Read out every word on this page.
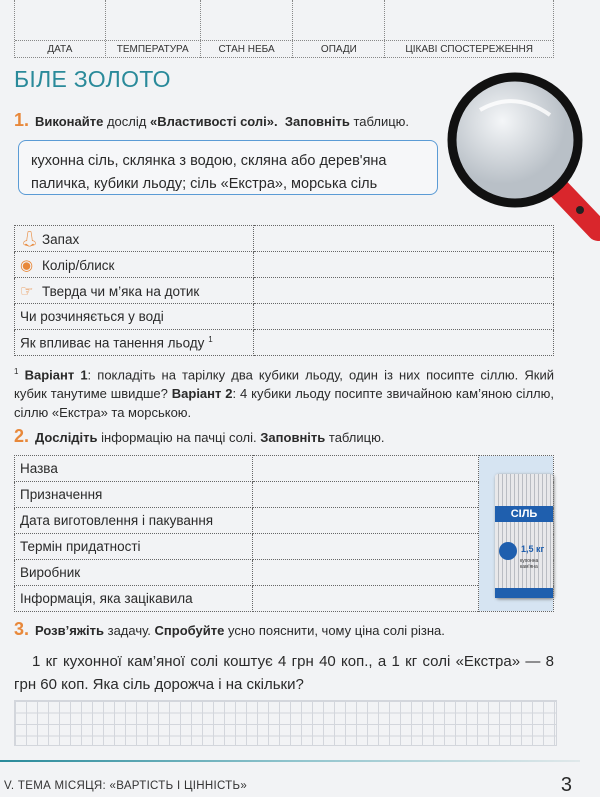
ДАТА	ТЕМПЕРАТУРА	СТАН НЕБА	ОПАДИ	ЦІКАВІ СПОСТЕРЕЖЕННЯ
БІЛЕ ЗОЛОТО
1. Виконайте дослід «Властивості солі». Заповніть таблицю.
кухонна сіль, склянка з водою, скляна або дерев'яна паличка, кубики льоду; сіль «Екстра», морська сіль
👃︎ Запах	
◉ Колір/блиск	
☞ Тверда чи м’яка на дотик	
Чи розчиняється у воді	
Як впливає на танення льоду $^1$	
$^1$ Варіант 1: покладіть на тарілку два кубики льоду, один із них посипте сіллю. Який кубик танутиме швидше? Варіант 2: 4 кубики льоду посипте звичайною кам’яною сіллю, сіллю «Екстра» та морською.
2. Дослідіть інформацію на пачці солі. Заповніть таблицю.
Назва		СІЛЬ
1,5 кг
кухонна кам'яна

Призначення		
Дата виготовлення і пакування		
Термін придатності		
Виробник		
Інформація, яка зацікавила		
3. Розв’яжіть задачу. Спробуйте усно пояснити, чому ціна солі різна.
1 кг кухонної кам’яної солі коштує 4 грн 40 коп., а 1 кг солі «Екстра» — 8 грн 60 коп. Яка сіль дорожча і на скільки?
V. ТЕМА МІСЯЦЯ: «ВАРТІСТЬ І ЦІННІСТЬ»	3
